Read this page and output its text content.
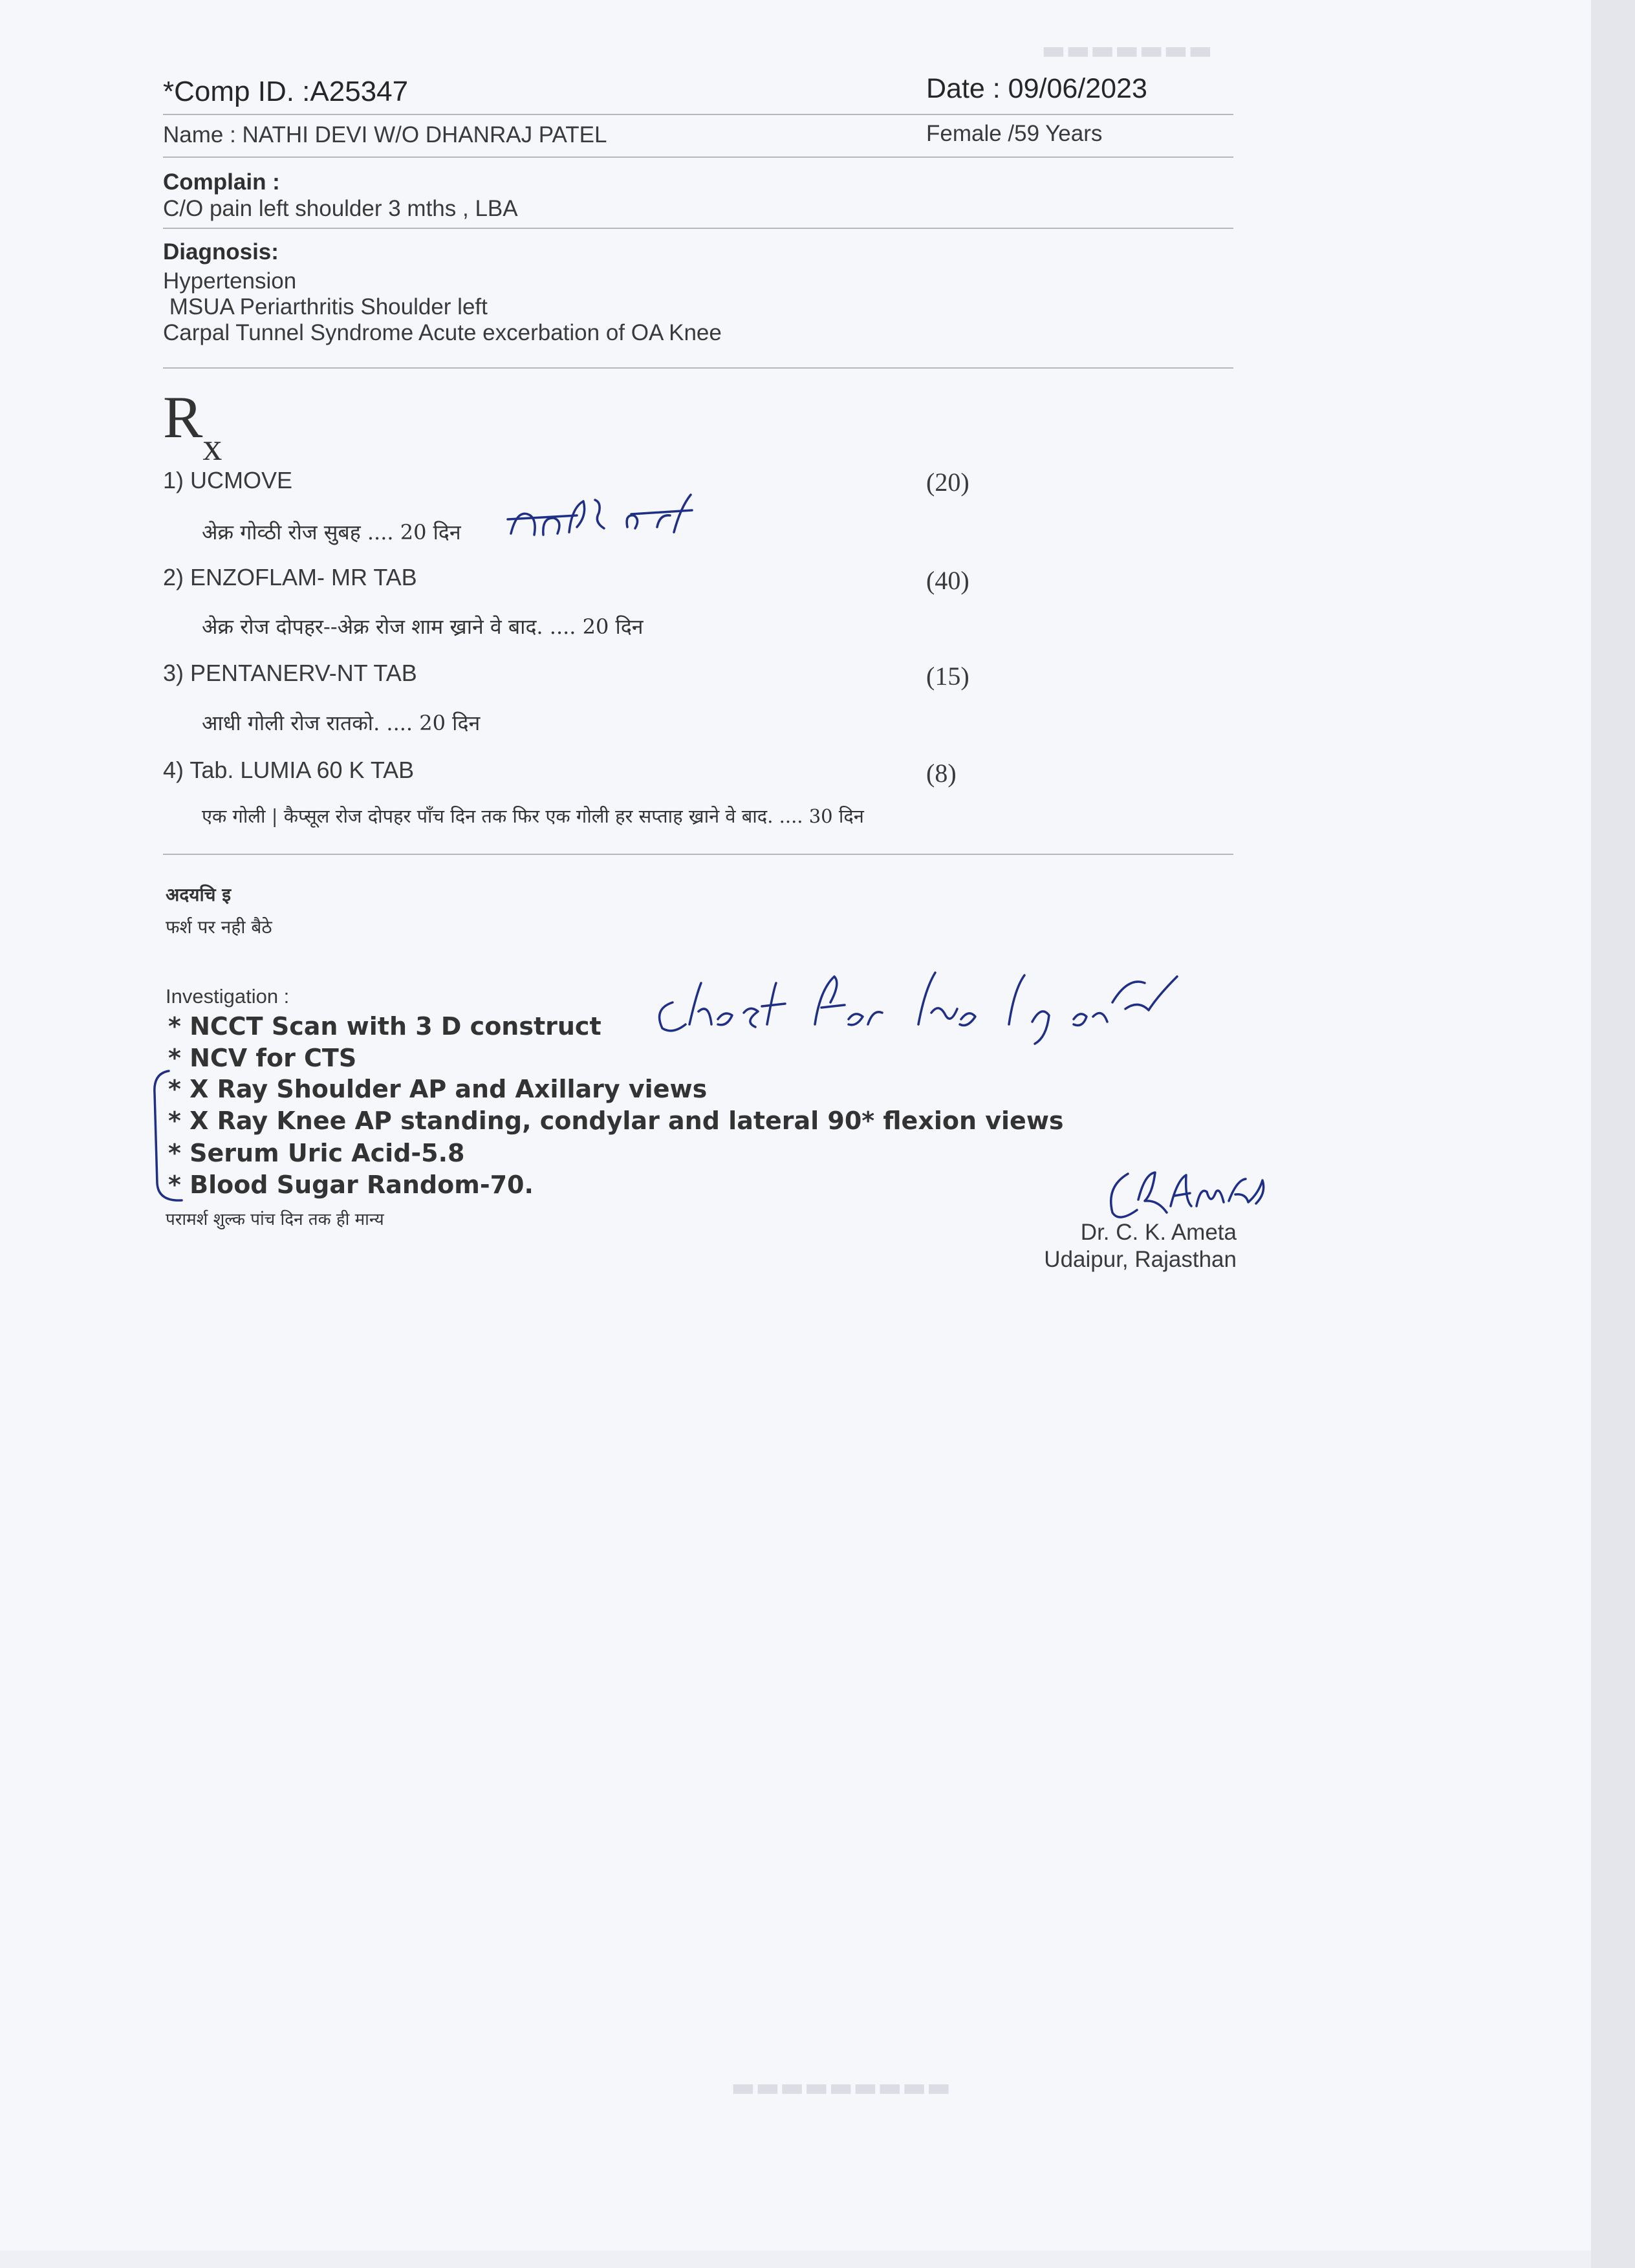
▬▬▬▬▬▬▬
▬▬▬▬▬▬▬▬▬
*Comp ID. :A25347	Date : 09/06/2023
Name : NATHI DEVI W/O DHANRAJ PATEL	Female /59 Years
Complain :
C/O pain left shoulder 3 mths , LBA
Diagnosis:
Hypertension
MSUA Periarthritis Shoulder left
Carpal Tunnel Syndrome Acute excerbation of OA Knee
$R_x$
1) UCMOVE	(20)
अेक्र गोव्ठी रोज सुबह .... 20 दिन
2) ENZOFLAM- MR TAB	(40)
अेक्र रोज दोपहर--अेक्र रोज शाम ख्राने वे बाद. .... 20 दिन
3) PENTANERV-NT TAB	(15)
आधी गोली रोज रातको. .... 20 दिन
4) Tab. LUMIA 60 K TAB	(8)
एक गोली | कैप्सूल रोज दोपहर पाँच दिन तक फिर एक गोली हर सप्ताह ख्राने वे बाद. .... 30 दिन
अदयचि इ
फर्श पर नही बैठे
Investigation :
* NCCT Scan with 3 D construct
* NCV for CTS
* X Ray Shoulder AP and Axillary views
* X Ray Knee AP standing, condylar and lateral 90* flexion views
* Serum Uric Acid-5.8
* Blood Sugar Random-70.
परामर्श शुल्क पांच दिन तक ही मान्य	Dr. C. K. Ameta
Udaipur, Rajasthan
